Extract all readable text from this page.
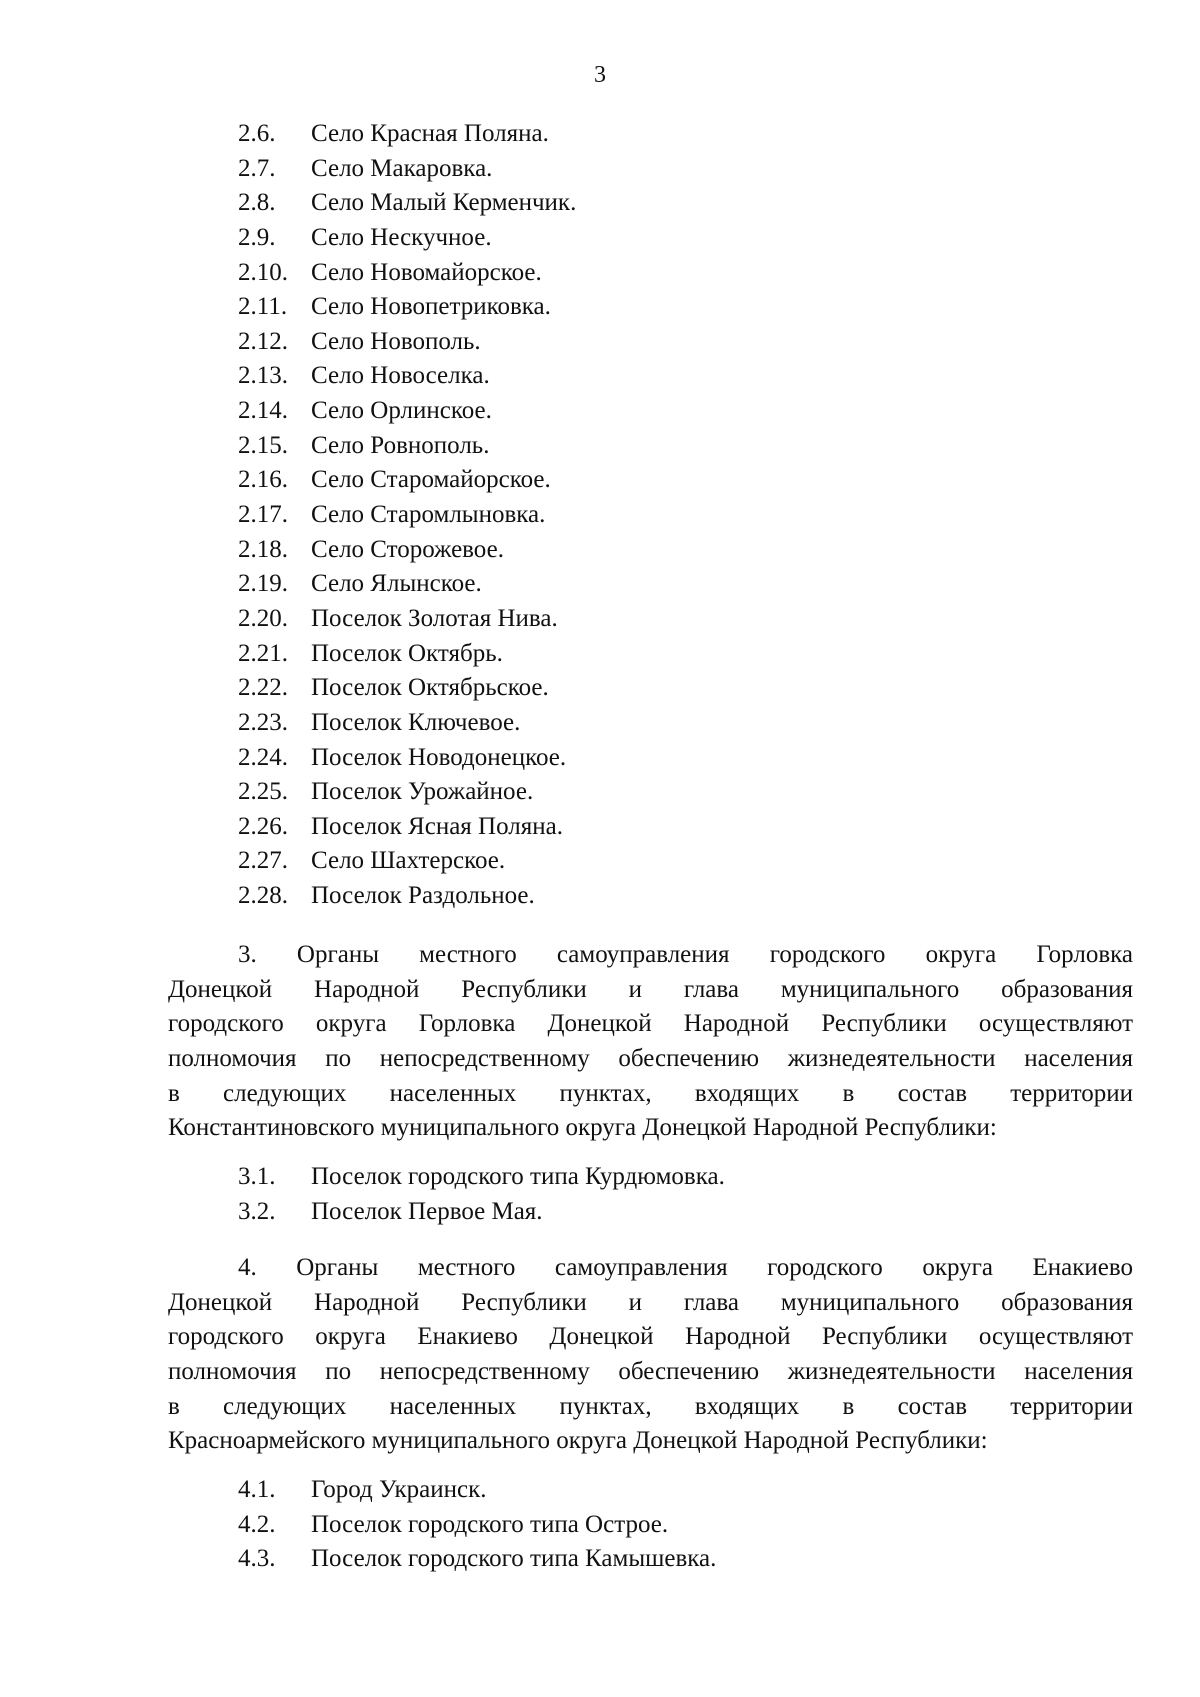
3
2.6. Село Красная Поляна.
2.7. Село Макаровка.
2.8. Село Малый Керменчик.
2.9. Село Нескучное.
2.10. Село Новомайорское.
2.11. Село Новопетриковка.
2.12. Село Новополь.
2.13. Село Новоселка.
2.14. Село Орлинское.
2.15. Село Ровнополь.
2.16. Село Старомайорское.
2.17. Село Старомлыновка.
2.18. Село Сторожевое.
2.19. Село Ялынское.
2.20. Поселок Золотая Нива.
2.21. Поселок Октябрь.
2.22. Поселок Октябрьское.
2.23. Поселок Ключевое.
2.24. Поселок Новодонецкое.
2.25. Поселок Урожайное.
2.26. Поселок Ясная Поляна.
2.27. Село Шахтерское.
2.28. Поселок Раздольное.

3. Органы местного самоуправления городского округа Горловка
Донецкой Народной Республики и глава муниципального образования
городского округа Горловка Донецкой Народной Республики осуществляют
полномочия по непосредственному обеспечению жизнедеятельности населения
в следующих населенных пунктах, входящих в состав территории
Константиновского муниципального округа Донецкой Народной Республики:

3.1. Поселок городского типа Курдюмовка.
3.2. Поселок Первое Мая.

4. Органы местного самоуправления городского округа Енакиево
Донецкой Народной Республики и глава муниципального образования
городского округа Енакиево Донецкой Народной Республики осуществляют
полномочия по непосредственному обеспечению жизнедеятельности населения
в следующих населенных пунктах, входящих в состав территории
Красноармейского муниципального округа Донецкой Народной Республики:

4.1. Город Украинск.
4.2. Поселок городского типа Острое.
4.3. Поселок городского типа Камышевка.
